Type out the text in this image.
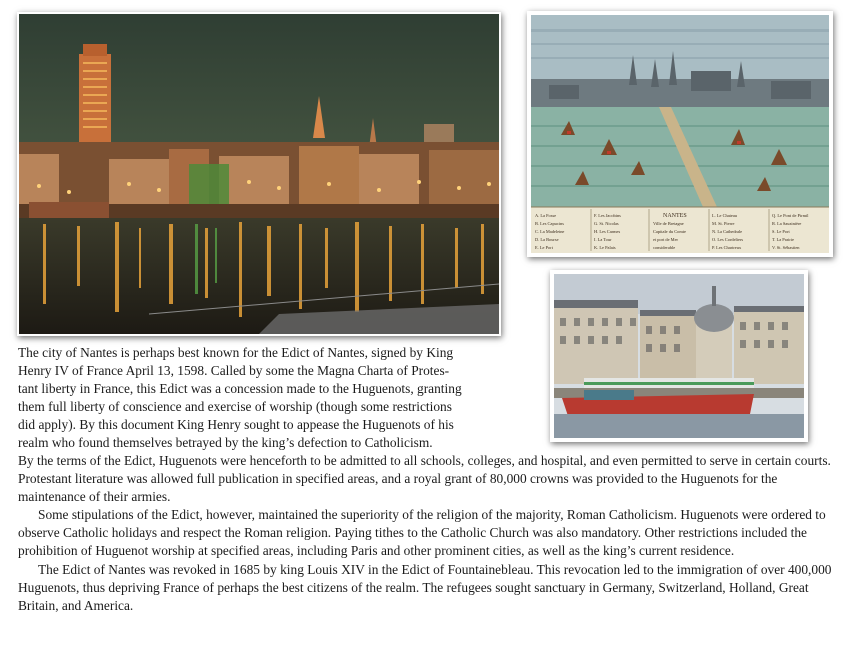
NANTES
A. La Fosse
B. Les Capucins
C. La Madeleine
D. La Bourse
E. Le Port
F. Les Jacobins
G. St. Nicolas
H. Les Carmes
I. La Tour
K. Le Palais
Ville de Bretagne
Capitale du Comte
et port de Mer
considerable
L. Le Chateau
M. St. Pierre
N. La Cathedrale
O. Les Cordeliers
P. Les Chartreux
Q. Le Pont de Pirmil
R. La Sauzinière
S. Le Port
T. La Prairie
V. St. Sébastien
The city of Nantes is perhaps best known for the Edict of Nantes, signed by King
Henry IV of France April 13, 1598. Called by some the Magna Charta of Protes-
tant liberty in France, this Edict was a concession made to the Huguenots, granting
them full liberty of conscience and exercise of worship (though some restrictions
did apply). By this document King Henry sought to appease the Huguenots of his
realm who found themselves betrayed by the king’s defection to Catholicism.

By the terms of the Edict, Huguenots were henceforth to be admitted to all schools, colleges, and hospital, and even permitted to serve in certain courts. Protestant literature was allowed full publication in specified areas, and a royal grant of 80,000 crowns was provided to the Huguenots for the maintenance of their armies.

Some stipulations of the Edict, however, maintained the superiority of the religion of the majority, Roman Catholicism. Huguenots were ordered to observe Catholic holidays and respect the Roman religion. Paying tithes to the Catholic Church was also mandatory. Other restrictions included the prohibition of Huguenot worship at specified areas, including Paris and other prominent cities, as well as the king’s current residence.

The Edict of Nantes was revoked in 1685 by king Louis XIV in the Edict of Fountainebleau. This revocation led to the immigration of over 400,000 Huguenots, thus depriving France of perhaps the best citizens of the realm. The refugees sought sanctuary in Germany, Switzerland, Holland, Great Britain, and America.
